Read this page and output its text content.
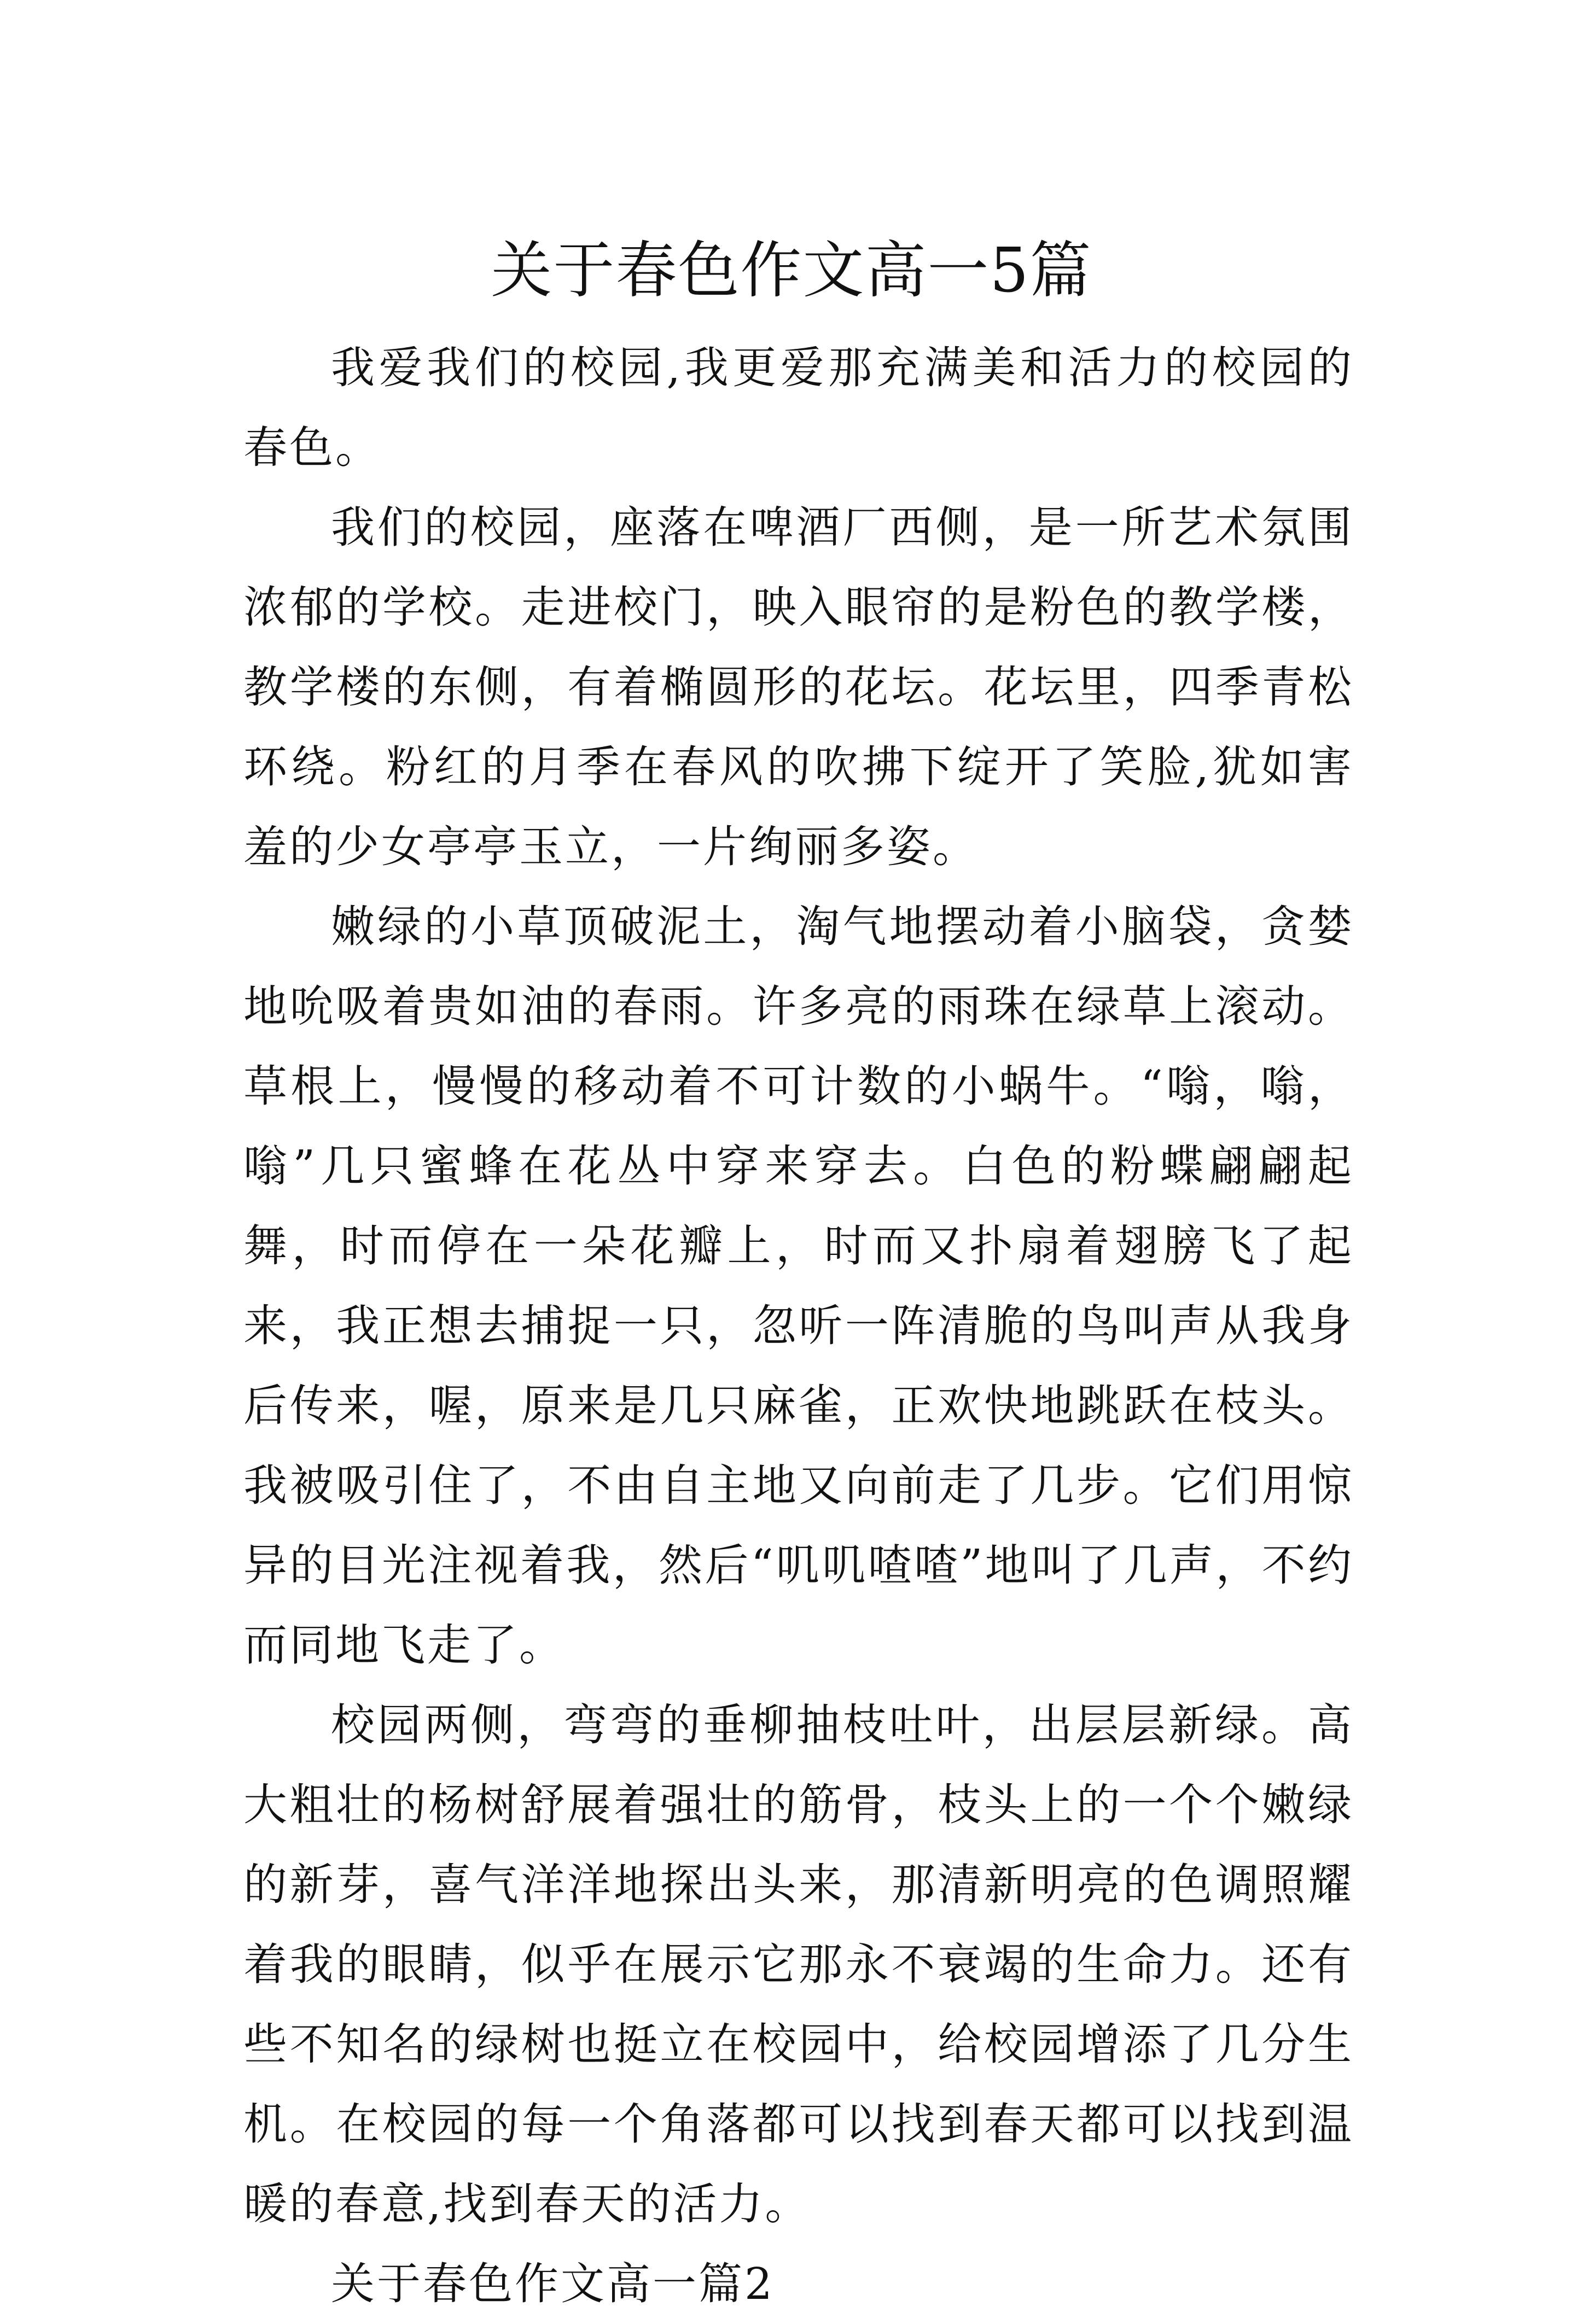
关于春色作文高一5篇

我爱我们的校园,我更爱那充满美和活力的校园的春色。

我们的校园，座落在啤酒厂西侧，是一所艺术氛围浓郁的学校。走进校门，映入眼帘的是粉色的教学楼，教学楼的东侧，有着椭圆形的花坛。花坛里，四季青松环绕。粉红的月季在春风的吹拂下绽开了笑脸,犹如害羞的少女亭亭玉立，一片绚丽多姿。

嫩绿的小草顶破泥土，淘气地摆动着小脑袋，贪婪地吮吸着贵如油的春雨。许多亮的雨珠在绿草上滚动。草根上，慢慢的移动着不可计数的小蜗牛。“嗡，嗡，嗡”几只蜜蜂在花丛中穿来穿去。白色的粉蝶翩翩起舞，时而停在一朵花瓣上，时而又扑扇着翅膀飞了起来，我正想去捕捉一只，忽听一阵清脆的鸟叫声从我身后传来，喔，原来是几只麻雀，正欢快地跳跃在枝头。我被吸引住了，不由自主地又向前走了几步。它们用惊异的目光注视着我，然后“叽叽喳喳”地叫了几声，不约而同地飞走了。

校园两侧，弯弯的垂柳抽枝吐叶，出层层新绿。高大粗壮的杨树舒展着强壮的筋骨，枝头上的一个个嫩绿的新芽，喜气洋洋地探出头来，那清新明亮的色调照耀着我的眼睛，似乎在展示它那永不衰竭的生命力。还有些不知名的绿树也挺立在校园中，给校园增添了几分生机。在校园的每一个角落都可以找到春天都可以找到温暖的春意,找到春天的活力。

关于春色作文高一篇2
